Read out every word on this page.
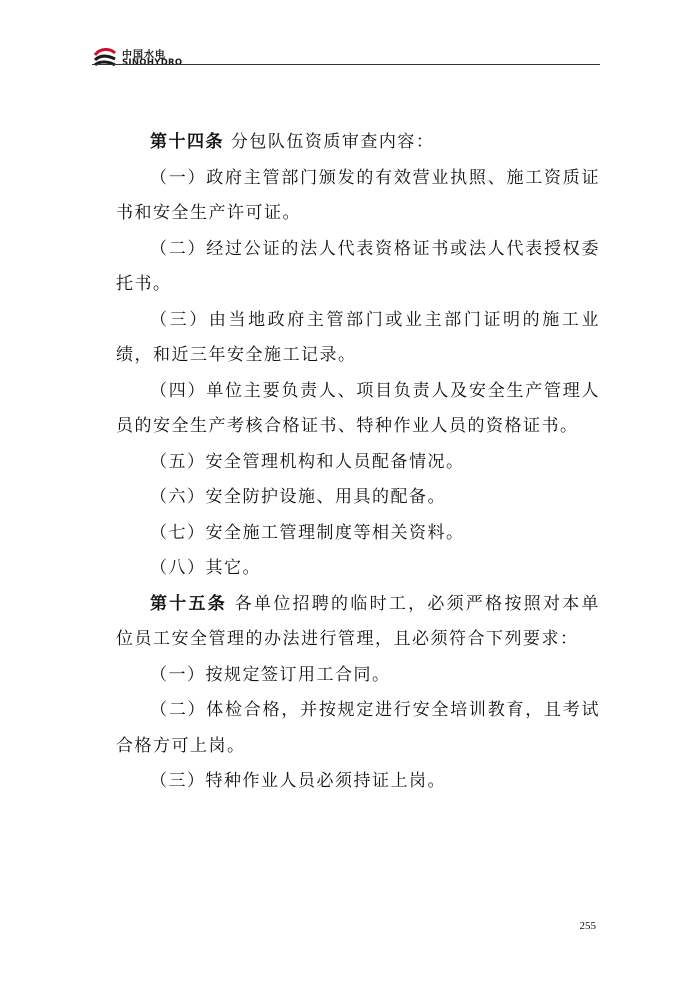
中国水电
SINOHYDRO

第十四条 分包队伍资质审查内容：

（一）政府主管部门颁发的有效营业执照、施工资质证书和安全生产许可证。

（二）经过公证的法人代表资格证书或法人代表授权委托书。

（三）由当地政府主管部门或业主部门证明的施工业绩，和近三年安全施工记录。

（四）单位主要负责人、项目负责人及安全生产管理人员的安全生产考核合格证书、特种作业人员的资格证书。

（五）安全管理机构和人员配备情况。

（六）安全防护设施、用具的配备。

（七）安全施工管理制度等相关资料。

（八）其它。

第十五条 各单位招聘的临时工，必须严格按照对本单位员工安全管理的办法进行管理，且必须符合下列要求：

（一）按规定签订用工合同。

（二）体检合格，并按规定进行安全培训教育，且考试合格方可上岗。

（三）特种作业人员必须持证上岗。

255
